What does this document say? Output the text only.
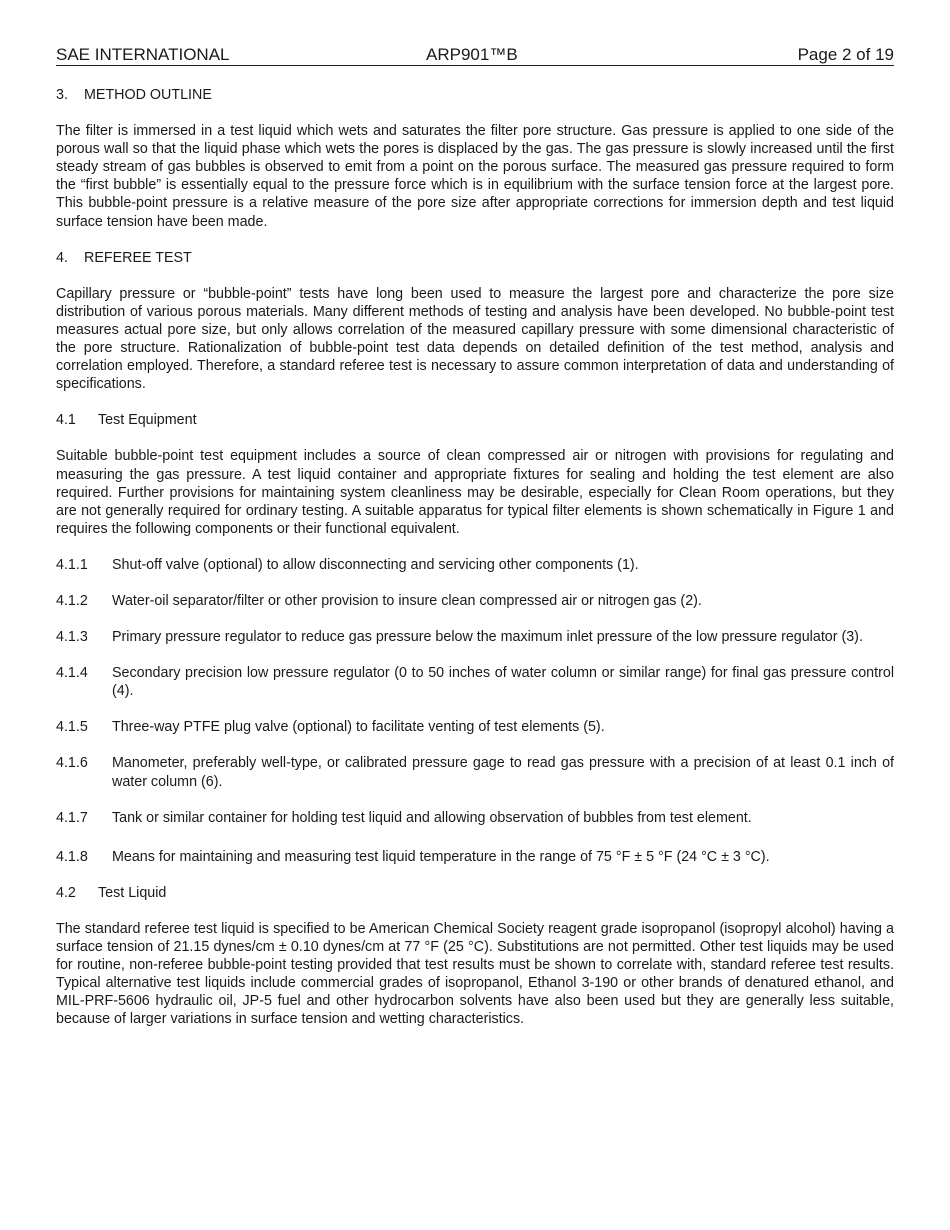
SAE INTERNATIONAL	ARP901™B	Page 2 of 19

3. METHOD OUTLINE

The filter is immersed in a test liquid which wets and saturates the filter pore structure. Gas pressure is applied to one side of the porous wall so that the liquid phase which wets the pores is displaced by the gas. The gas pressure is slowly increased until the first steady stream of gas bubbles is observed to emit from a point on the porous surface. The measured gas pressure required to form the “first bubble” is essentially equal to the pressure force which is in equilibrium with the surface tension force at the largest pore. This bubble-point pressure is a relative measure of the pore size after appropriate corrections for immersion depth and test liquid surface tension have been made.

4. REFEREE TEST

Capillary pressure or “bubble-point” tests have long been used to measure the largest pore and characterize the pore size distribution of various porous materials. Many different methods of testing and analysis have been developed. No bubble-point test measures actual pore size, but only allows correlation of the measured capillary pressure with some dimensional characteristic of the pore structure. Rationalization of bubble-point test data depends on detailed definition of the test method, analysis and correlation employed. Therefore, a standard referee test is necessary to assure common interpretation of data and understanding of specifications.

4.1 Test Equipment

Suitable bubble-point test equipment includes a source of clean compressed air or nitrogen with provisions for regulating and measuring the gas pressure. A test liquid container and appropriate fixtures for sealing and holding the test element are also required. Further provisions for maintaining system cleanliness may be desirable, especially for Clean Room operations, but they are not generally required for ordinary testing. A suitable apparatus for typical filter elements is shown schematically in Figure 1 and requires the following components or their functional equivalent.

4.1.1 Shut-off valve (optional) to allow disconnecting and servicing other components (1).

4.1.2 Water-oil separator/filter or other provision to insure clean compressed air or nitrogen gas (2).

4.1.3 Primary pressure regulator to reduce gas pressure below the maximum inlet pressure of the low pressure regulator (3).

4.1.4 Secondary precision low pressure regulator (0 to 50 inches of water column or similar range) for final gas pressure control (4).

4.1.5 Three-way PTFE plug valve (optional) to facilitate venting of test elements (5).

4.1.6 Manometer, preferably well-type, or calibrated pressure gage to read gas pressure with a precision of at least 0.1 inch of water column (6).

4.1.7 Tank or similar container for holding test liquid and allowing observation of bubbles from test element.

4.1.8 Means for maintaining and measuring test liquid temperature in the range of 75 °F ± 5 °F (24 °C ± 3 °C).

4.2 Test Liquid

The standard referee test liquid is specified to be American Chemical Society reagent grade isopropanol (isopropyl alcohol) having a surface tension of 21.15 dynes/cm ± 0.10 dynes/cm at 77 °F (25 °C). Substitutions are not permitted. Other test liquids may be used for routine, non-referee bubble-point testing provided that test results must be shown to correlate with, standard referee test results. Typical alternative test liquids include commercial grades of isopropanol, Ethanol 3-190 or other brands of denatured ethanol, and MIL-PRF-5606 hydraulic oil, JP-5 fuel and other hydrocarbon solvents have also been used but they are generally less suitable, because of larger variations in surface tension and wetting characteristics.
